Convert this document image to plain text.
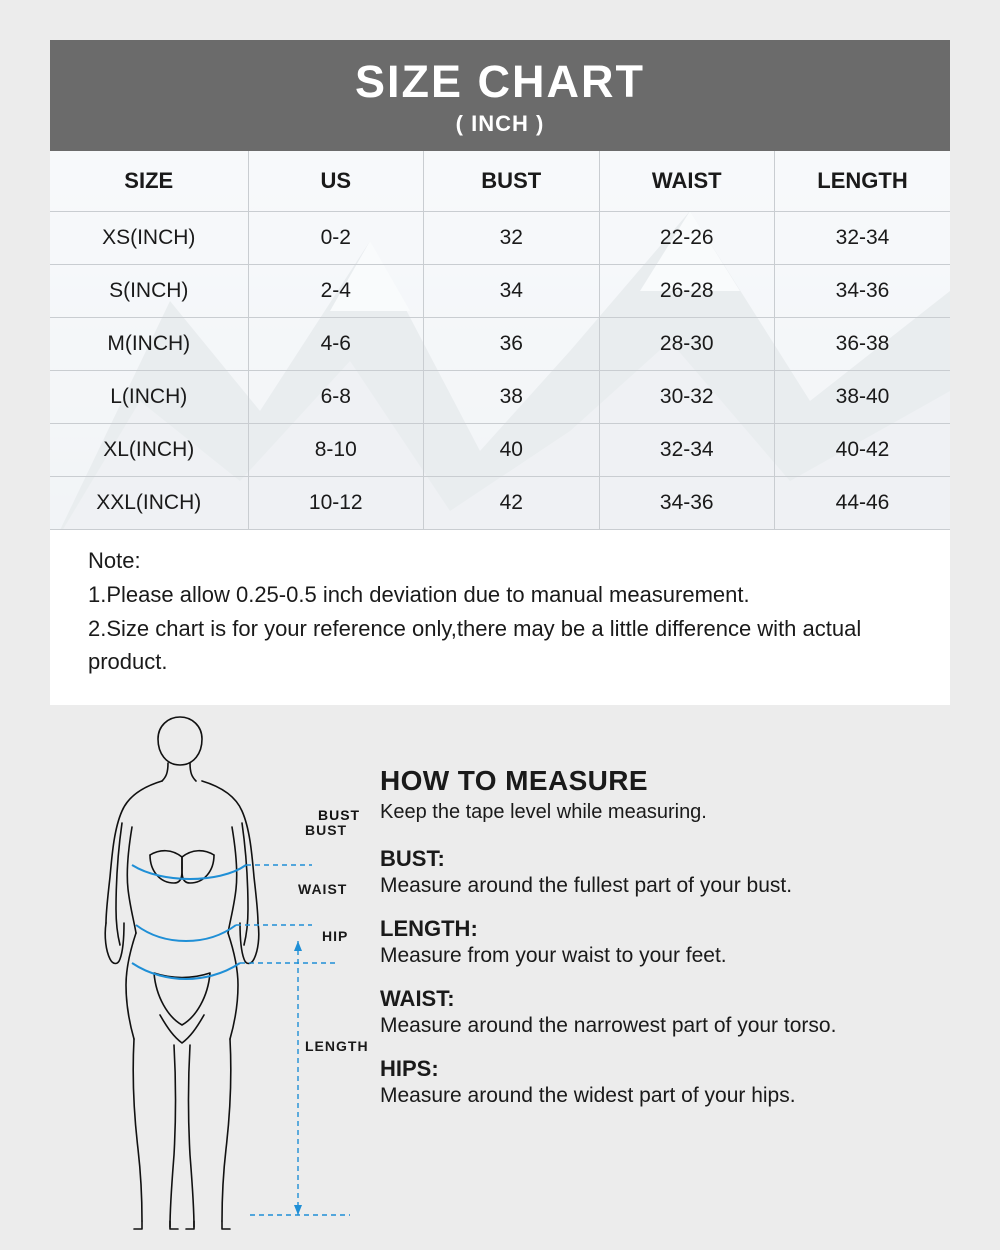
SIZE CHART
( INCH )
SIZE	US	BUST	WAIST	LENGTH
XS(INCH)	0-2	32	22-26	32-34
S(INCH)	2-4	34	26-28	34-36
M(INCH)	4-6	36	28-30	36-38
L(INCH)	6-8	38	30-32	38-40
XL(INCH)	8-10	40	32-34	40-42
XXL(INCH)	10-12	42	34-36	44-46
Note:
1.Please allow 0.25-0.5 inch deviation due to manual measurement.
2.Size chart is for your reference only,there may be a little difference with actual product.
BUST
BUST
WAIST
HIP
LENGTH
HOW TO MEASURE
Keep the tape level while measuring.
BUST:
Measure around the fullest part of your bust.
LENGTH:
Measure from your waist to your feet.
WAIST:
Measure around the narrowest part of your torso.
HIPS:
Measure around the widest part of your hips.
